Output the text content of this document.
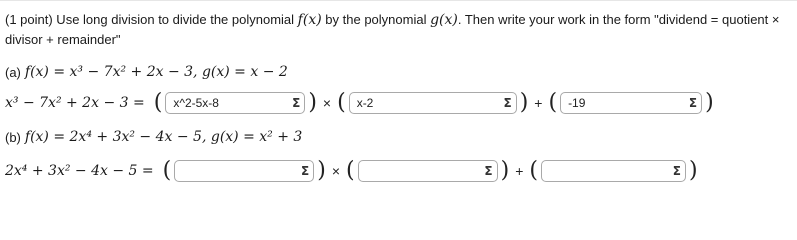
(1 point) Use long division to divide the polynomial f(x) by the polynomial g(x). Then write your work in the form "dividend = quotient × divisor + remainder"
(a) f(x) = x³ − 7x² + 2x − 3, g(x) = x − 2
x³ − 7x² + 2x − 3 = ( x^2-5x-8	Σ ) × ( x-2	Σ ) + ( -19	Σ )
(b) f(x) = 2x⁴ + 3x² − 4x − 5, g(x) = x² + 3
2x⁴ + 3x² − 4x − 5 = (	Σ ) × (	Σ ) + (	Σ )
